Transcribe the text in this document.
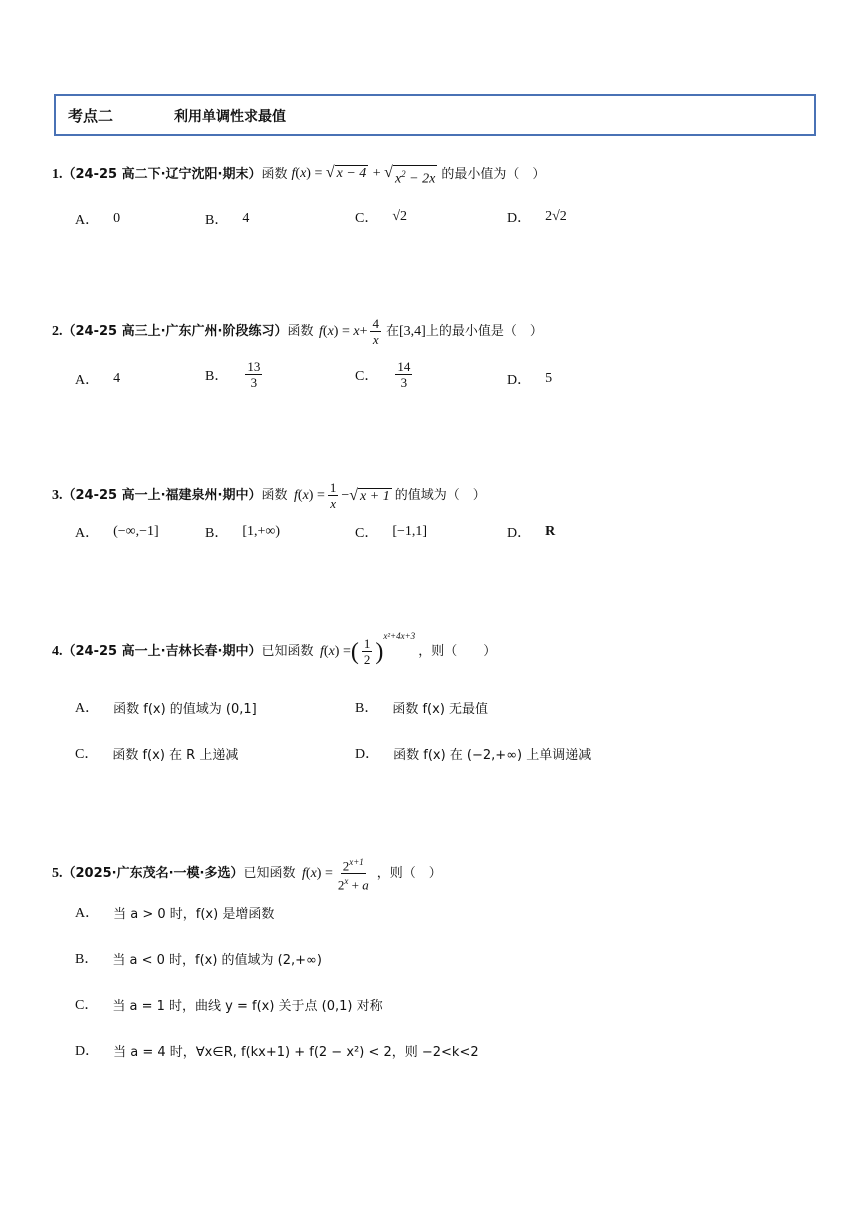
考点二	利用单调性求最值
1. （24-25 高二下·辽宁沈阳·期末） 函数 f(x) = √ x − 4 + √ $x^2 - 2x$ 的最小值为（　）
A． 0	B． 4	C． √2	D． 2√2
2. （24-25 高三上·广东广州·阶段练习） 函数 f ( x ) = $x + \frac{4}{x}$ 在 [3,4] 上的最小值是（　）
A． 4	B． $\frac{13}{3}$	C． $\frac{14}{3}$	D． 5
3. （24-25 高一上·福建泉州·期中） 函数 f ( x ) = $\frac{1}{x}$ − √ x + 1 的值域为（　）
A． (−∞,−1]	B． [1,+∞)	C． [−1,1]	D． R
4. （24-25 高一上·吉林长春·期中） 已知函数 f ( x ) = ( $\frac{1}{2}$ )
x²+4x+3
，则（　　）
A． 函数 f(x) 的值域为 (0,1]	B． 函数 f(x) 无最值
C． 函数 f(x) 在 R 上递减	D． 函数 f(x) 在 (−2,+∞) 上单调递减
5. （2025·广东茂名·一模·多选） 已知函数 f ( x ) = $\frac{2^{x+1}}{2^x + a}$ ，则（　）
A． 当 a > 0 时，f(x) 是增函数
B． 当 a < 0 时，f(x) 的值域为 (2,+∞)
C． 当 a = 1 时，曲线 y = f(x) 关于点 (0,1) 对称
D． 当 a = 4 时，∀x∈R, f(kx+1) + f(2 − x²) < 2，则 −2<k<2
